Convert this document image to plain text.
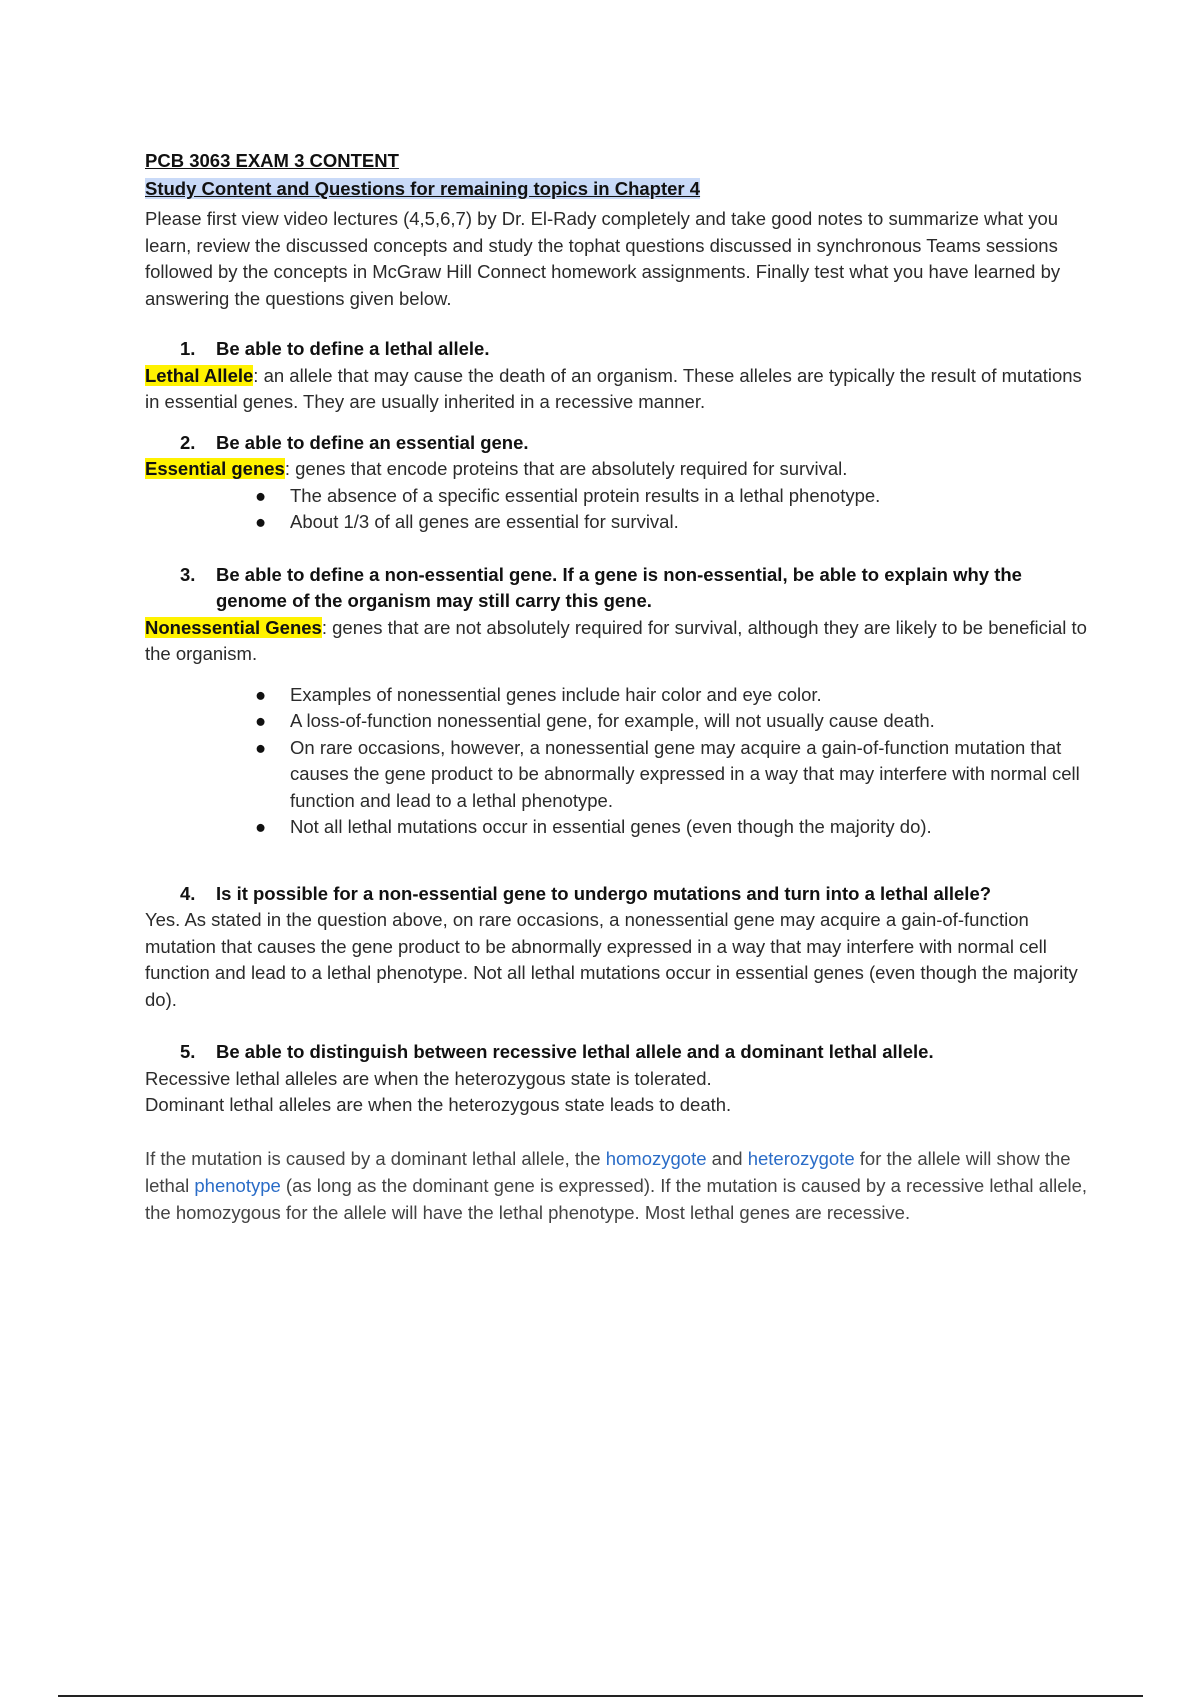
PCB 3063 EXAM 3 CONTENT

Study Content and Questions for remaining topics in Chapter 4

Please first view video lectures (4,5,6,7) by Dr. El-Rady completely and take good notes to summarize what you learn, review the discussed concepts and study the tophat questions discussed in synchronous Teams sessions followed by the concepts in McGraw Hill Connect homework assignments. Finally test what you have learned by answering the questions given below.

1.	Be able to define a lethal allele.

Lethal Allele: an allele that may cause the death of an organism. These alleles are typically the result of mutations in essential genes. They are usually inherited in a recessive manner.

2.	Be able to define an essential gene.

Essential genes: genes that encode proteins that are absolutely required for survival.

● The absence of a specific essential protein results in a lethal phenotype.
● About 1/3 of all genes are essential for survival.
3.	Be able to define a non-essential gene. If a gene is non-essential, be able to explain why the genome of the organism may still carry this gene.

Nonessential Genes: genes that are not absolutely required for survival, although they are likely to be beneficial to the organism.

● Examples of nonessential genes include hair color and eye color.
● A loss-of-function nonessential gene, for example, will not usually cause death.
● On rare occasions, however, a nonessential gene may acquire a gain-of-function mutation that causes the gene product to be abnormally expressed in a way that may interfere with normal cell function and lead to a lethal phenotype.
● Not all lethal mutations occur in essential genes (even though the majority do).
4.	Is it possible for a non-essential gene to undergo mutations and turn into a lethal allele?

Yes. As stated in the question above, on rare occasions, a nonessential gene may acquire a gain-of-function mutation that causes the gene product to be abnormally expressed in a way that may interfere with normal cell function and lead to a lethal phenotype. Not all lethal mutations occur in essential genes (even though the majority do).

5.	Be able to distinguish between recessive lethal allele and a dominant lethal allele.

Recessive lethal alleles are when the heterozygous state is tolerated.

Dominant lethal alleles are when the heterozygous state leads to death.

If the mutation is caused by a dominant lethal allele, the homozygote and heterozygote for the allele will show the lethal phenotype (as long as the dominant gene is expressed). If the mutation is caused by a recessive lethal allele, the homozygous for the allele will have the lethal phenotype. Most lethal genes are recessive.
